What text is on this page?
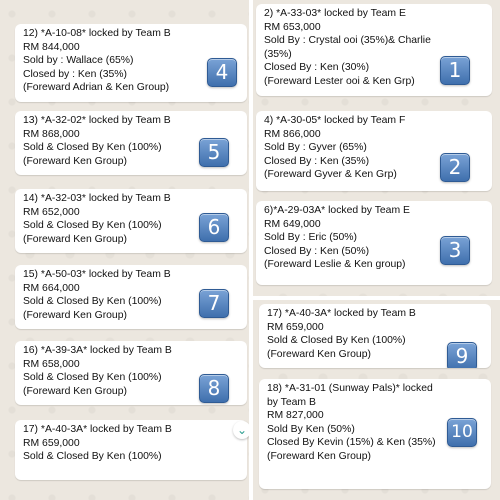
12) *A-10-08* locked by Team B
RM 844,000
Sold by : Wallace (65%)
Closed by : Ken (35%)
(Foreward Adrian & Ken Group)
4
13) *A-32-02* locked by Team B
RM 868,000
Sold & Closed By Ken (100%)
(Foreward Ken Group)	5
14) *A-32-03* locked by Team B
RM 652,000
Sold & Closed By Ken (100%)
(Foreward Ken Group)
6
15) *A-50-03* locked by Team B
RM 664,000
Sold & Closed By Ken (100%)
(Foreward Ken Group)
7
16) *A-39-3A* locked by Team B
RM 658,000
Sold & Closed By Ken (100%)
(Foreward Ken Group)	8
17) *A-40-3A* locked by Team B
RM 659,000
Sold & Closed By Ken (100%)
⌄
2) *A-33-03* locked by Team E
RM 653,000
Sold By : Crystal ooi (35%)& Charlie
(35%)
Closed By : Ken (30%)
(Foreward Lester ooi & Ken Grp)	1
4) *A-30-05* locked by Team F
RM 866,000
Sold By : Gyver (65%)
Closed By : Ken (35%)
(Foreward Gyver & Ken Grp)	2
6)*A-29-03A* locked by Team E
RM 649,000
Sold By : Eric (50%)
Closed By : Ken (50%)
(Foreward Leslie & Ken group)
3
17) *A-40-3A* locked by Team B
RM 659,000
Sold & Closed By Ken (100%)
(Foreward Ken Group)	9
18) *A-31-01 (Sunway Pals)* locked
by Team B
RM 827,000
Sold By Ken (50%)
Closed By Kevin (15%) & Ken (35%)
(Foreward Ken Group)
10
